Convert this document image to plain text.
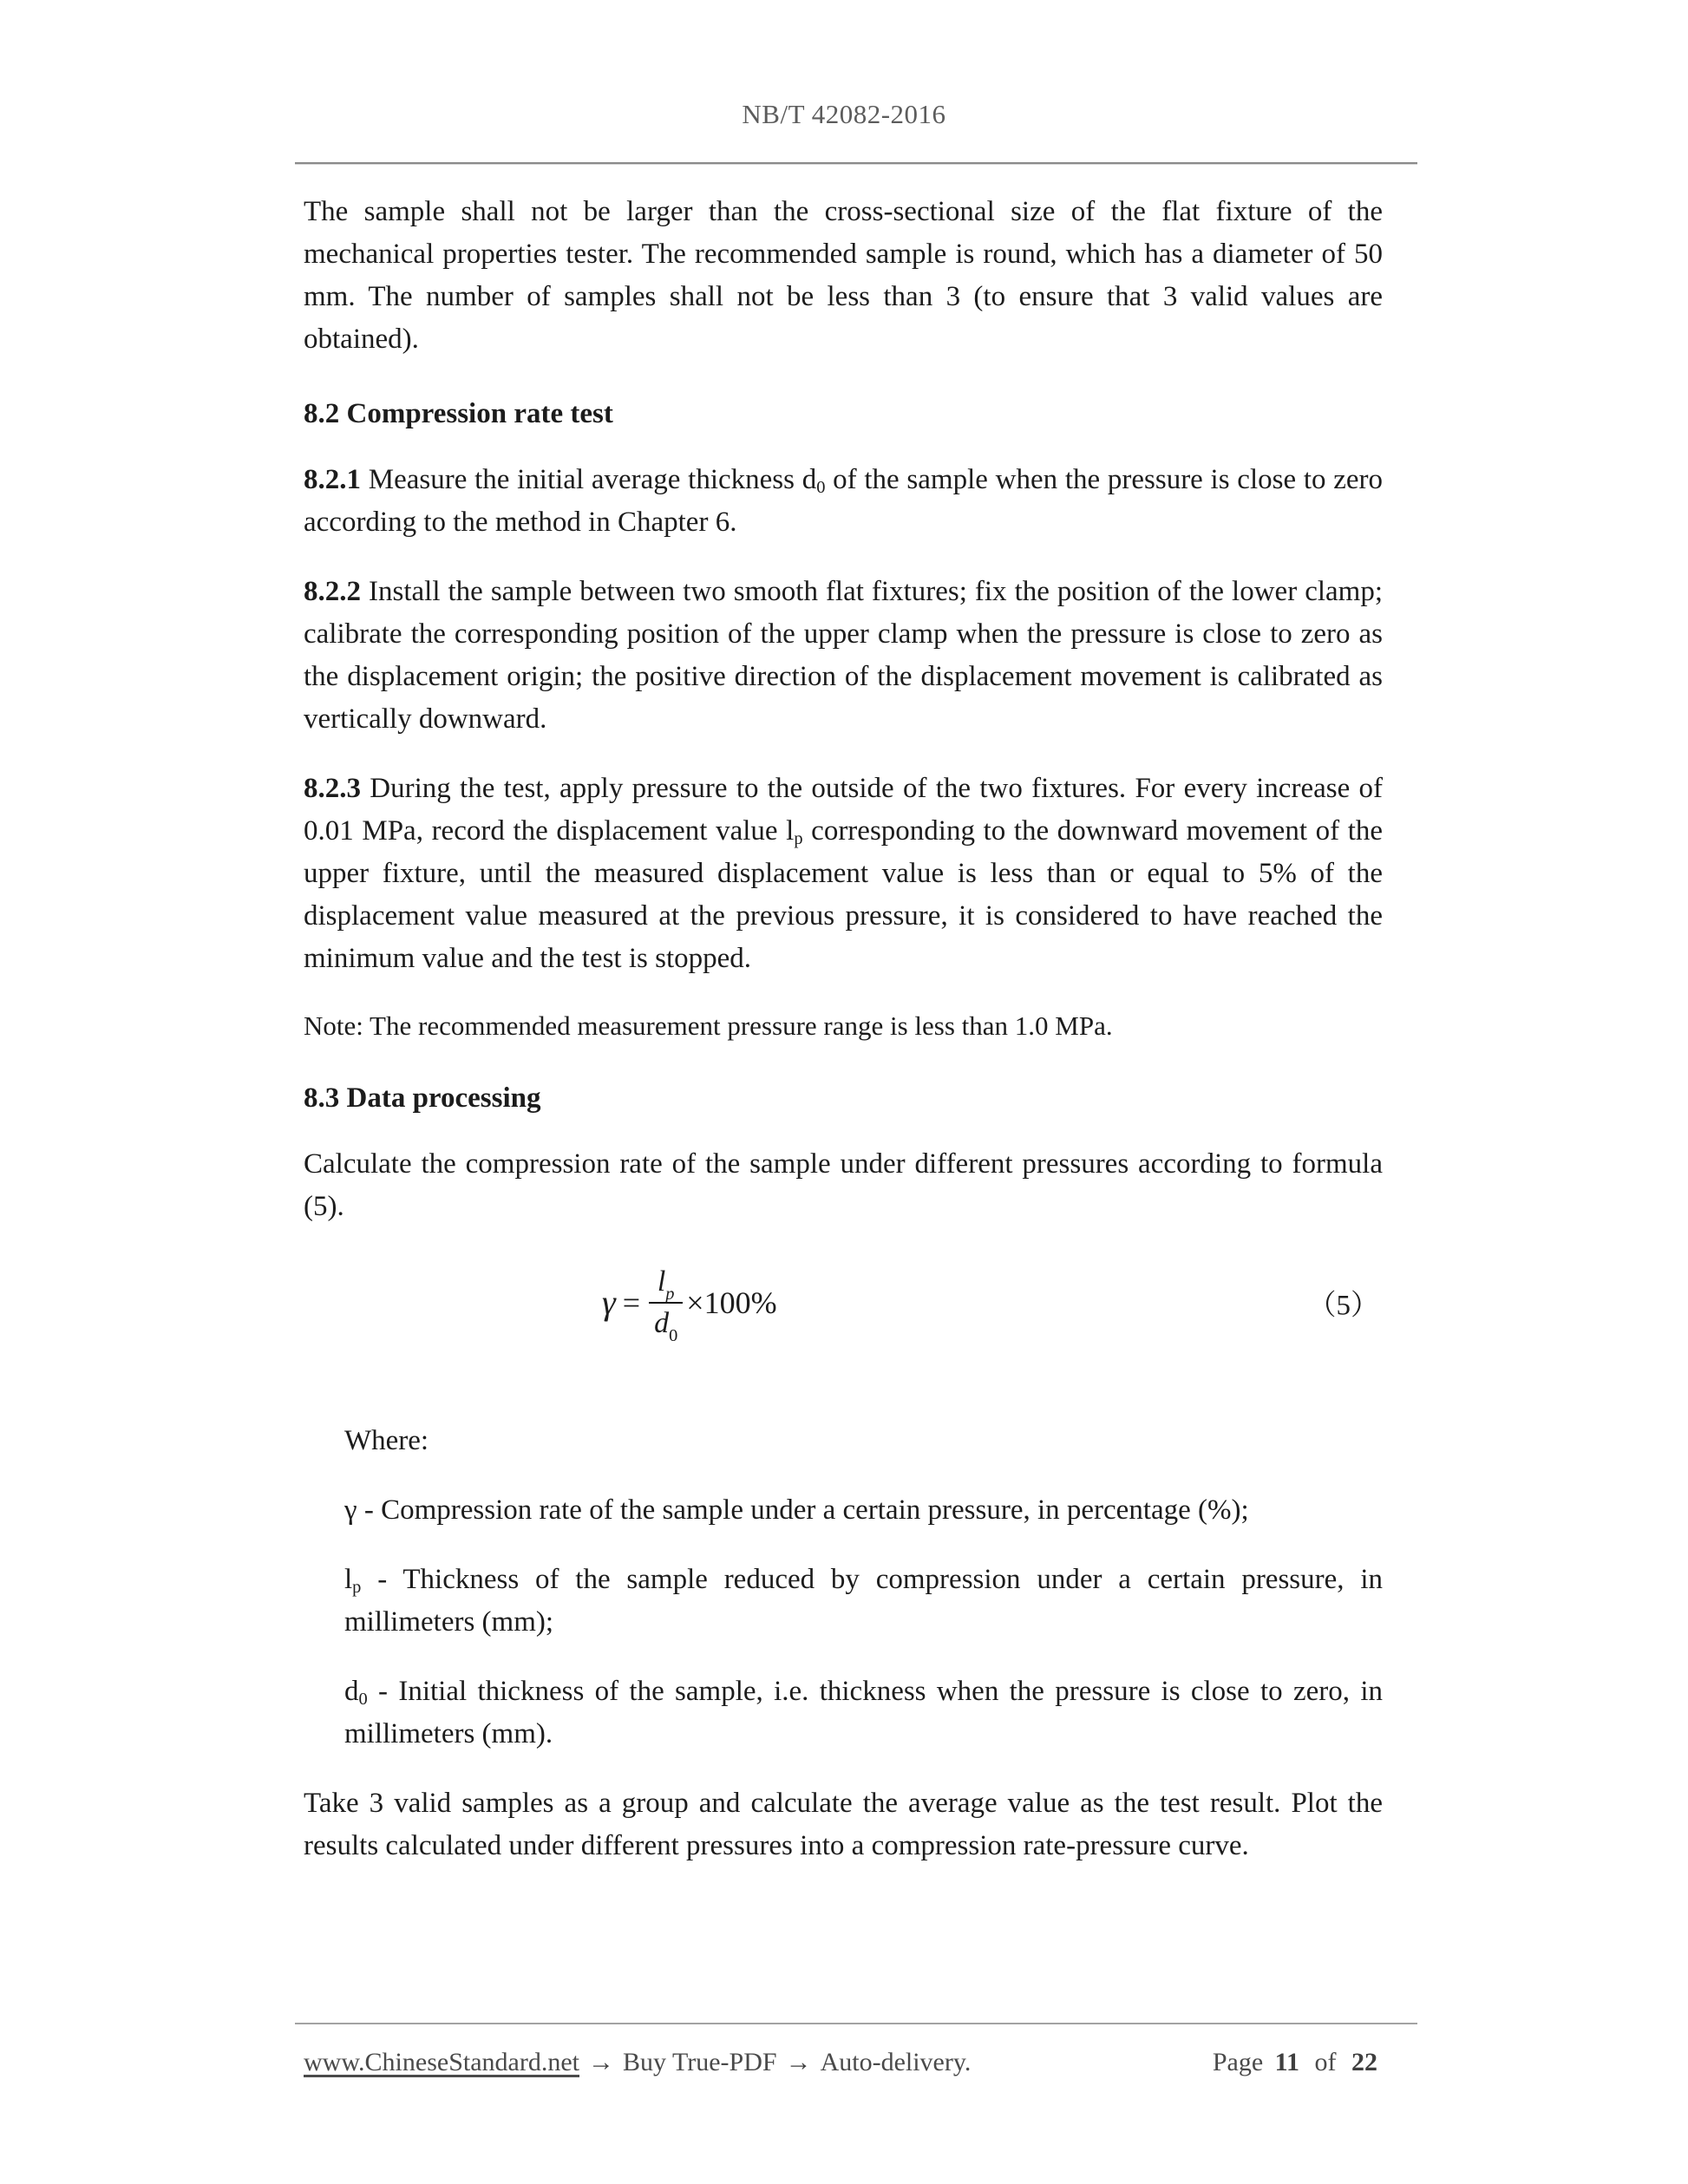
NB/T 42082-2016

The sample shall not be larger than the cross-sectional size of the flat fixture of the mechanical properties tester. The recommended sample is round, which has a diameter of 50 mm. The number of samples shall not be less than 3 (to ensure that 3 valid values are obtained).

8.2 Compression rate test

8.2.1 Measure the initial average thickness $d_0$ of the sample when the pressure is close to zero according to the method in Chapter 6.

8.2.2 Install the sample between two smooth flat fixtures; fix the position of the lower clamp; calibrate the corresponding position of the upper clamp when the pressure is close to zero as the displacement origin; the positive direction of the displacement movement is calibrated as vertically downward.

8.2.3 During the test, apply pressure to the outside of the two fixtures. For every increase of 0.01 MPa, record the displacement value $l_p$ corresponding to the downward movement of the upper fixture, until the measured displacement value is less than or equal to 5% of the displacement value measured at the previous pressure, it is considered to have reached the minimum value and the test is stopped.

Note: The recommended measurement pressure range is less than 1.0 MPa.

8.3 Data processing

Calculate the compression rate of the sample under different pressures according to formula (5).

$\gamma = \frac{l_p}{d_0} \times 100\%$	（5）

Where:

γ - Compression rate of the sample under a certain pressure, in percentage (%);

$l_p$ - Thickness of the sample reduced by compression under a certain pressure, in millimeters (mm);

$d_0$ - Initial thickness of the sample, i.e. thickness when the pressure is close to zero, in millimeters (mm).

Take 3 valid samples as a group and calculate the average value as the test result. Plot the results calculated under different pressures into a compression rate-pressure curve.

www.ChineseStandard.net → Buy True-PDF → Auto-delivery.	Page 11 of 22
